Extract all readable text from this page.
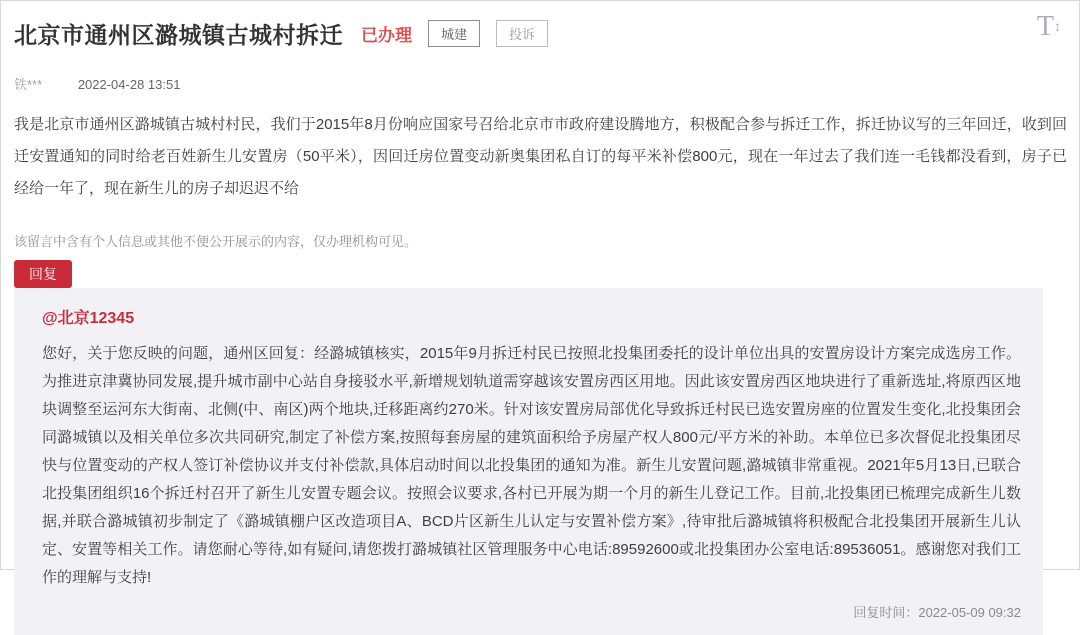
北京市通州区潞城镇古城村拆迁 已办理	城建	投诉	T ↕
铁***	2022-04-28 13:51

我是北京市通州区潞城镇古城村村民，我们于2015年8月份响应国家号召给北京市市政府建设腾地方，积极配合参与拆迁工作，拆迁协议写的三年回迁，收到回迁安置通知的同时给老百姓新生儿安置房（50平米），因回迁房位置变动新奥集团私自订的每平米补偿800元，现在一年过去了我们连一毛钱都没看到，房子已经给一年了，现在新生儿的房子却迟迟不给

该留言中含有个人信息或其他不便公开展示的内容，仅办理机构可见。

回复
@北京12345

您好，关于您反映的问题，通州区回复：经潞城镇核实，2015年9月拆迁村民已按照北投集团委托的设计单位出具的安置房设计方案完成选房工作。为推进京津冀协同发展,提升城市副中心站自身接驳水平,新增规划轨道需穿越该安置房西区用地。因此该安置房西区地块进行了重新选址,将原西区地块调整至运河东大街南、北侧(中、南区)两个地块,迁移距离约270米。针对该安置房局部优化导致拆迁村民已选安置房座的位置发生变化,北投集团会同潞城镇以及相关单位多次共同研究,制定了补偿方案,按照每套房屋的建筑面积给予房屋产权人800元/平方米的补助。本单位已多次督促北投集团尽快与位置变动的产权人签订补偿协议并支付补偿款,具体启动时间以北投集团的通知为准。新生儿安置问题,潞城镇非常重视。2021年5月13日,已联合北投集团组织16个拆迁村召开了新生儿安置专题会议。按照会议要求,各村已开展为期一个月的新生儿登记工作。目前,北投集团已梳理完成新生儿数据,并联合潞城镇初步制定了《潞城镇棚户区改造项目A、BCD片区新生儿认定与安置补偿方案》,待审批后潞城镇将积极配合北投集团开展新生儿认定、安置等相关工作。请您耐心等待,如有疑问,请您拨打潞城镇社区管理服务中心电话:89592600或北投集团办公室电话:89536051。感谢您对我们工作的理解与支持!

回复时间：2022-05-09 09:32
